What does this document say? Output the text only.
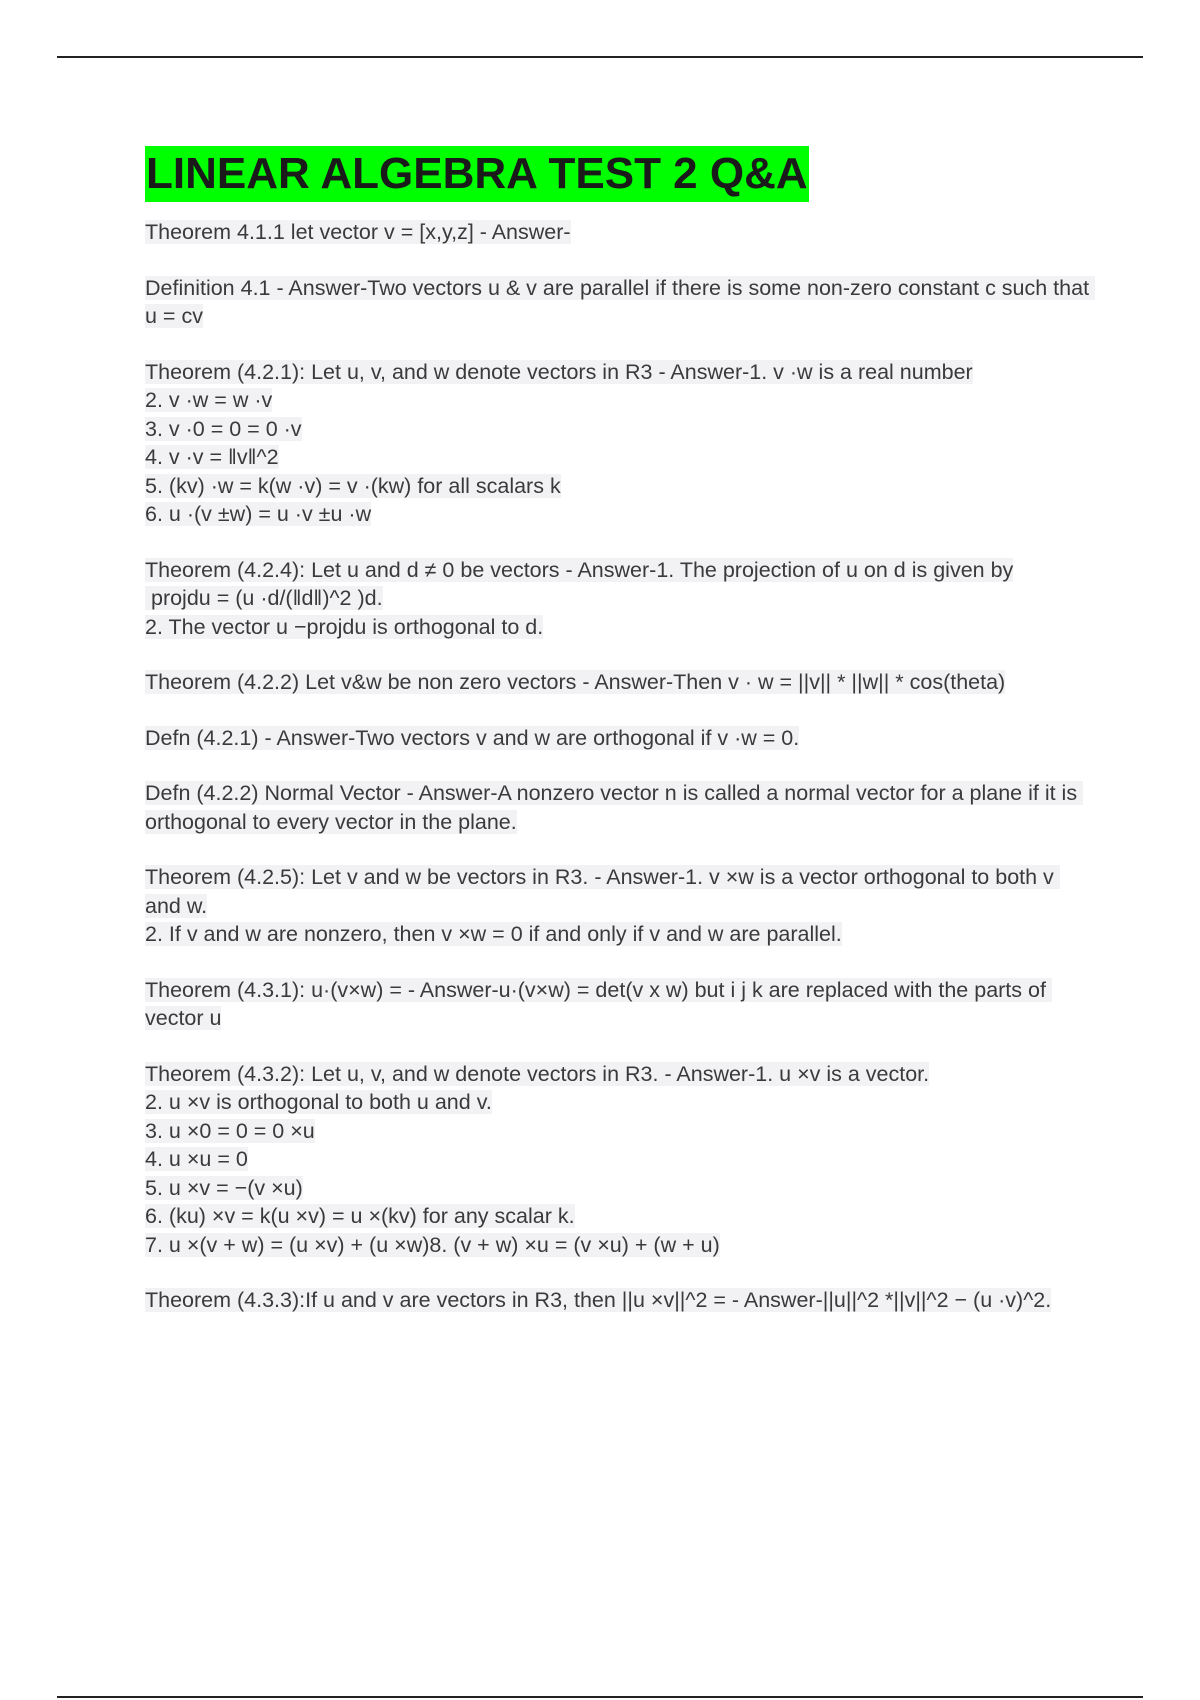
LINEAR ALGEBRA TEST 2 Q&A
Theorem 4.1.1 let vector v = [x,y,z] - Answer-
Definition 4.1 - Answer-Two vectors u & v are parallel if there is some non-zero constant c such that u = cv
Theorem (4.2.1): Let u, v, and w denote vectors in R3 - Answer-1. v ·w is a real number
2. v ·w = w ·v
3. v ·0 = 0 = 0 ·v
4. v ·v = ‖v‖^2
5. (kv) ·w = k(w ·v) = v ·(kw) for all scalars k
6. u ·(v ±w) = u ·v ±u ·w
Theorem (4.2.4): Let u and d ≠ 0 be vectors - Answer-1. The projection of u on d is given by
projdu = (u ·d/(‖d‖)^2 )d.
2. The vector u −projdu is orthogonal to d.
Theorem (4.2.2) Let v&w be non zero vectors - Answer-Then v · w = ||v|| * ||w|| * cos(theta)
Defn (4.2.1) - Answer-Two vectors v and w are orthogonal if v ·w = 0.
Defn (4.2.2) Normal Vector - Answer-A nonzero vector n is called a normal vector for a plane if it is orthogonal to every vector in the plane.
Theorem (4.2.5): Let v and w be vectors in R3. - Answer-1. v ×w is a vector orthogonal to both v and w.
2. If v and w are nonzero, then v ×w = 0 if and only if v and w are parallel.
Theorem (4.3.1): u·(v×w) = - Answer-u·(v×w) = det(v x w) but i j k are replaced with the parts of vector u
Theorem (4.3.2): Let u, v, and w denote vectors in R3. - Answer-1. u ×v is a vector.
2. u ×v is orthogonal to both u and v.
3. u ×0 = 0 = 0 ×u
4. u ×u = 0
5. u ×v = −(v ×u)
6. (ku) ×v = k(u ×v) = u ×(kv) for any scalar k.
7. u ×(v + w) = (u ×v) + (u ×w)8. (v + w) ×u = (v ×u) + (w + u)
Theorem (4.3.3):If u and v are vectors in R3, then ||u ×v||^2 = - Answer-||u||^2 *||v||^2 − (u ·v)^2.
